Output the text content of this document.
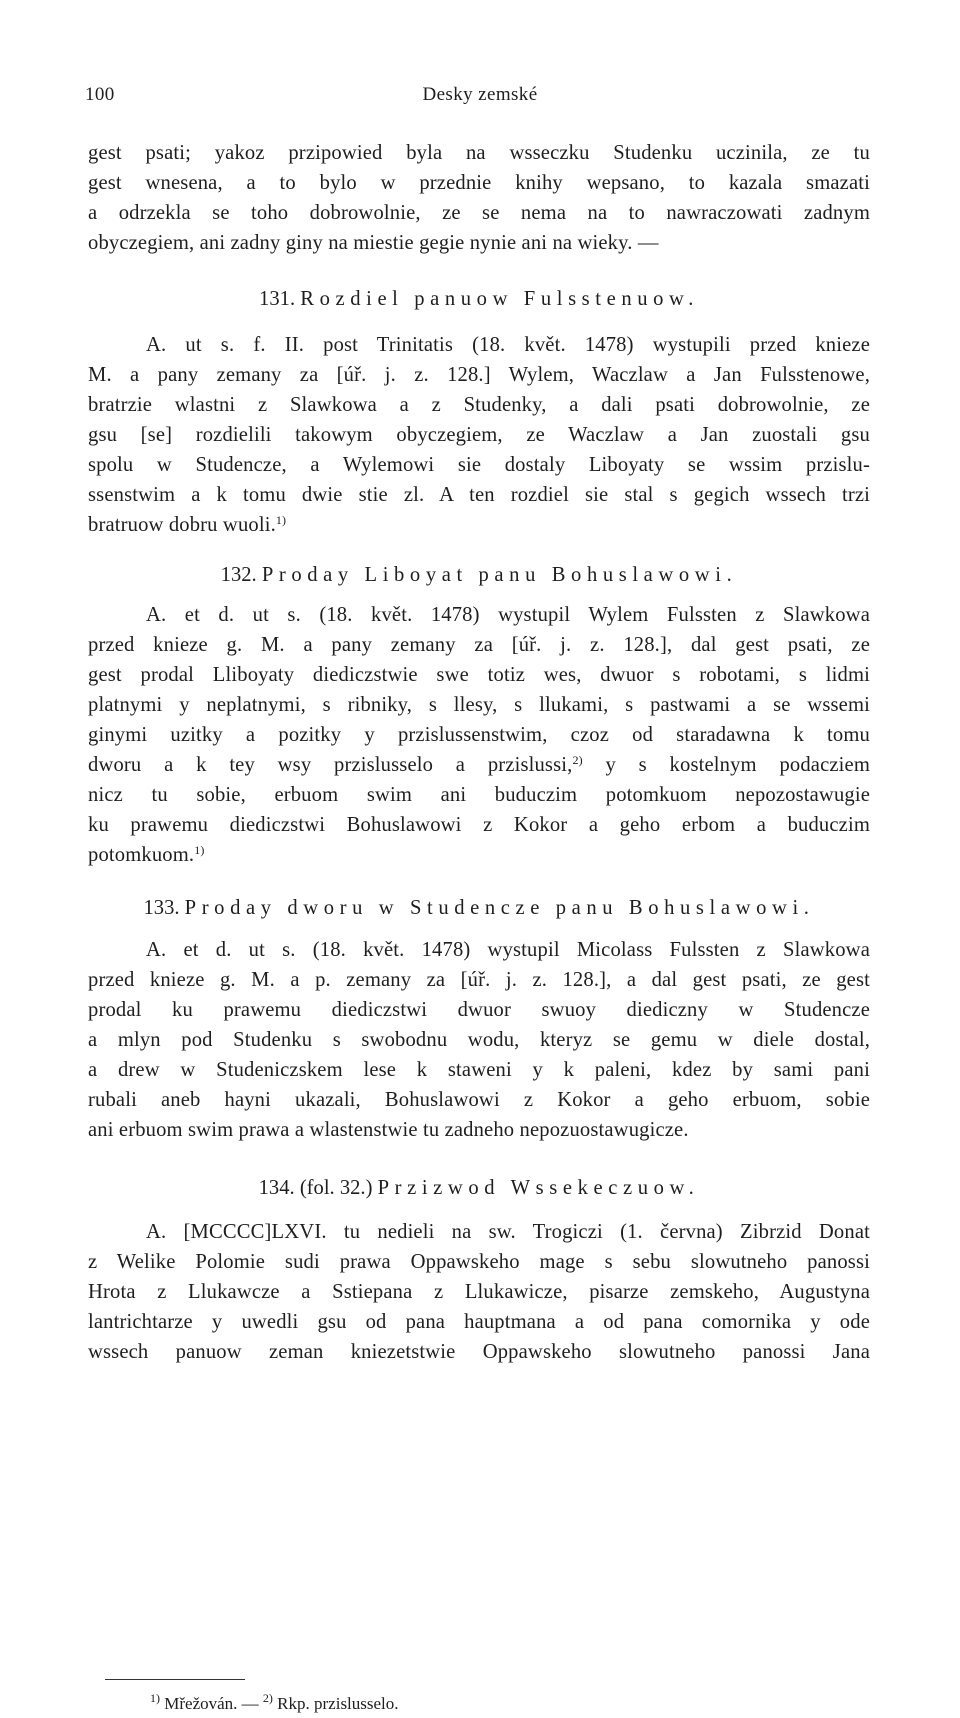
100	Desky zemské
gest psati; yakoz przipowied byla na wsseczku Studenku uczinila, ze tu
gest wnesena, a to bylo w przednie knihy wepsano, to kazala smazati
a odrzekla se toho dobrowolnie, ze se nema na to nawraczowati zadnym
obyczegiem, ani zadny giny na miestie gegie nynie ani na wieky. —
131. Rozdiel panuow Fulsstenuow.
A. ut s. f. II. post Trinitatis (18. květ. 1478) wystupili przed knieze
M. a pany zemany za [úř. j. z. 128.] Wylem, Waczlaw a Jan Fulsstenowe,
bratrzie wlastni z Slawkowa a z Studenky, a dali psati dobrowolnie, ze
gsu [se] rozdielili takowym obyczegiem, ze Waczlaw a Jan zuostali gsu
spolu w Studencze, a Wylemowi sie dostaly Liboyaty se wssim przislu-
ssenstwim a k tomu dwie stie zl. A ten rozdiel sie stal s gegich wssech trzi
bratruow dobru wuoli.$^{1)}$
132. Proday Liboyat panu Bohuslawowi.
A. et d. ut s. (18. květ. 1478) wystupil Wylem Fulssten z Slawkowa
przed knieze g. M. a pany zemany za [úř. j. z. 128.], dal gest psati, ze
gest prodal Lliboyaty diediczstwie swe totiz wes, dwuor s robotami, s lidmi
platnymi y neplatnymi, s ribniky, s llesy, s llukami, s pastwami a se wssemi
ginymi uzitky a pozitky y przislussenstwim, czoz od staradawna k tomu
dworu a k tey wsy przislusselo a przislussi,$^{2)}$ y s kostelnym podacziem
nicz tu sobie, erbuom swim ani buduczim potomkuom nepozostawugie
ku prawemu diediczstwi Bohuslawowi z Kokor a geho erbom a buduczim
potomkuom.$^{1)}$
133. Proday dworu w Studencze panu Bohuslawowi.
A. et d. ut s. (18. květ. 1478) wystupil Micolass Fulssten z Slawkowa
przed knieze g. M. a p. zemany za [úř. j. z. 128.], a dal gest psati, ze gest
prodal ku prawemu diediczstwi dwuor swuoy diediczny w Studencze
a mlyn pod Studenku s swobodnu wodu, kteryz se gemu w diele dostal,
a drew w Studeniczskem lese k staweni y k paleni, kdez by sami pani
rubali aneb hayni ukazali, Bohuslawowi z Kokor a geho erbuom, sobie
ani erbuom swim prawa a wlastenstwie tu zadneho nepozuostawugicze.
134. (fol. 32.) Przizwod Wssekeczuow.
A. [MCCCC]LXVI. tu nedieli na sw. Trogiczi (1. června) Zibrzid Donat
z Welike Polomie sudi prawa Oppawskeho mage s sebu slowutneho panossi
Hrota z Llukawcze a Sstiepana z Llukawicze, pisarze zemskeho, Augustyna
lantrichtarze y uwedli gsu od pana hauptmana a od pana comornika y ode
wssech panuow zeman kniezetstwie Oppawskeho slowutneho panossi Jana
$^{1)}$ Mřežován. — $^{2)}$ Rkp. przislusselo.
